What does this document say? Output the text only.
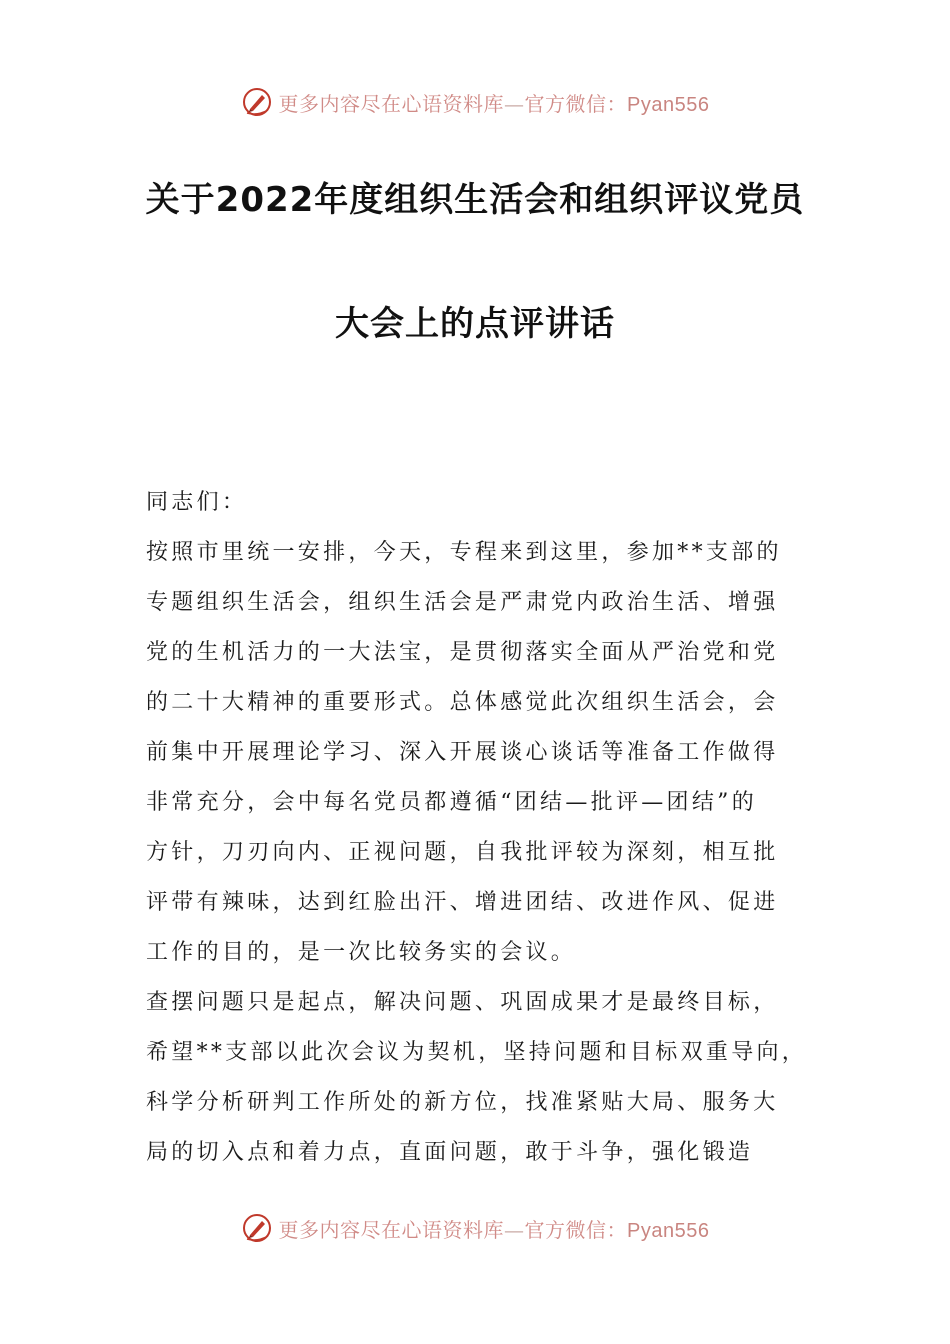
更多内容尽在心语资料库—官方微信：Pyan556
关于2022年度组织生活会和组织评议党员
大会上的点评讲话

同志们：

按照市里统一安排，今天，专程来到这里，参加**支部的

专题组织生活会，组织生活会是严肃党内政治生活、增强

党的生机活力的一大法宝，是贯彻落实全面从严治党和党

的二十大精神的重要形式。总体感觉此次组织生活会，会

前集中开展理论学习、深入开展谈心谈话等准备工作做得

非常充分，会中每名党员都遵循“团结—批评—团结”的

方针，刀刃向内、正视问题，自我批评较为深刻，相互批

评带有辣味，达到红脸出汗、增进团结、改进作风、促进

工作的目的，是一次比较务实的会议。

查摆问题只是起点，解决问题、巩固成果才是最终目标，

希望**支部以此次会议为契机，坚持问题和目标双重导向，

科学分析研判工作所处的新方位，找准紧贴大局、服务大

局的切入点和着力点，直面问题，敢于斗争，强化锻造

更多内容尽在心语资料库—官方微信：Pyan556
